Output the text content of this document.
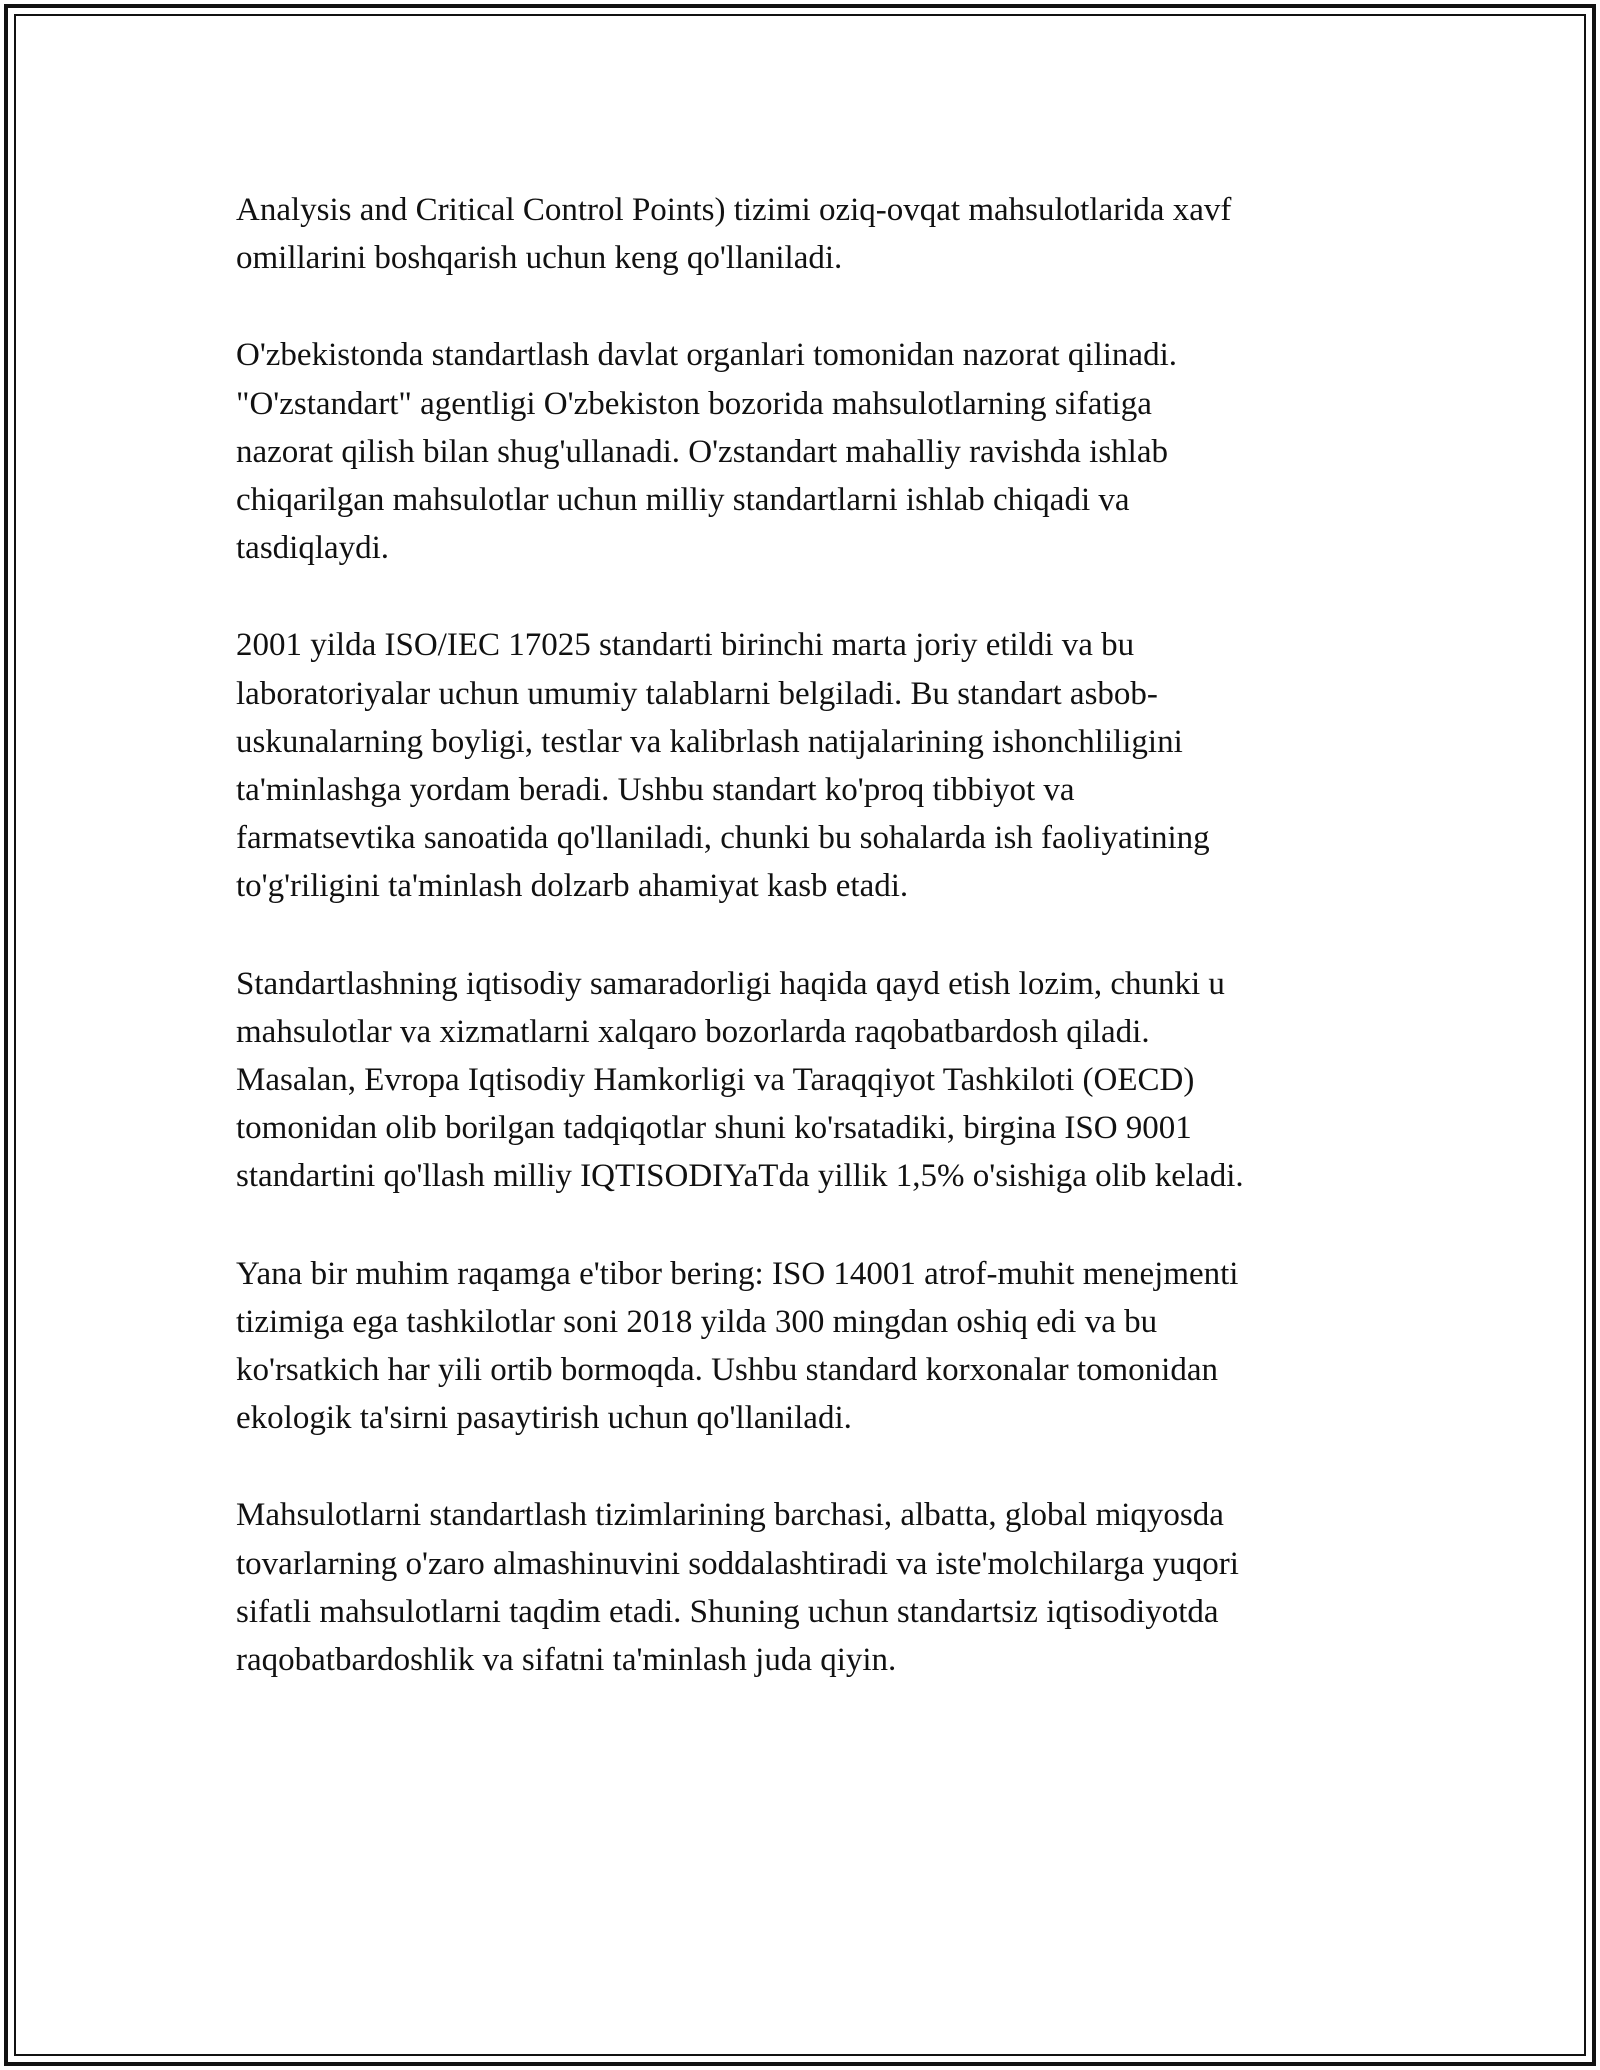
Analysis and Critical Control Points) tizimi oziq-ovqat mahsulotlarida xavf
omillarini boshqarish uchun keng qo'llaniladi.

O'zbekistonda standartlash davlat organlari tomonidan nazorat qilinadi.
"O'zstandart" agentligi O'zbekiston bozorida mahsulotlarning sifatiga
nazorat qilish bilan shug'ullanadi. O'zstandart mahalliy ravishda ishlab
chiqarilgan mahsulotlar uchun milliy standartlarni ishlab chiqadi va
tasdiqlaydi.

2001 yilda ISO/IEC 17025 standarti birinchi marta joriy etildi va bu
laboratoriyalar uchun umumiy talablarni belgiladi. Bu standart asbob-
uskunalarning boyligi, testlar va kalibrlash natijalarining ishonchliligini
ta'minlashga yordam beradi. Ushbu standart ko'proq tibbiyot va
farmatsevtika sanoatida qo'llaniladi, chunki bu sohalarda ish faoliyatining
to'g'riligini ta'minlash dolzarb ahamiyat kasb etadi.

Standartlashning iqtisodiy samaradorligi haqida qayd etish lozim, chunki u
mahsulotlar va xizmatlarni xalqaro bozorlarda raqobatbardosh qiladi.
Masalan, Evropa Iqtisodiy Hamkorligi va Taraqqiyot Tashkiloti (OECD)
tomonidan olib borilgan tadqiqotlar shuni ko'rsatadiki, birgina ISO 9001
standartini qo'llash milliy IQTISODIYaTda yillik 1,5% o'sishiga olib keladi.

Yana bir muhim raqamga e'tibor bering: ISO 14001 atrof-muhit menejmenti
tizimiga ega tashkilotlar soni 2018 yilda 300 mingdan oshiq edi va bu
ko'rsatkich har yili ortib bormoqda. Ushbu standard korxonalar tomonidan
ekologik ta'sirni pasaytirish uchun qo'llaniladi.

Mahsulotlarni standartlash tizimlarining barchasi, albatta, global miqyosda
tovarlarning o'zaro almashinuvini soddalashtiradi va iste'molchilarga yuqori
sifatli mahsulotlarni taqdim etadi. Shuning uchun standartsiz iqtisodiyotda
raqobatbardoshlik va sifatni ta'minlash juda qiyin.
